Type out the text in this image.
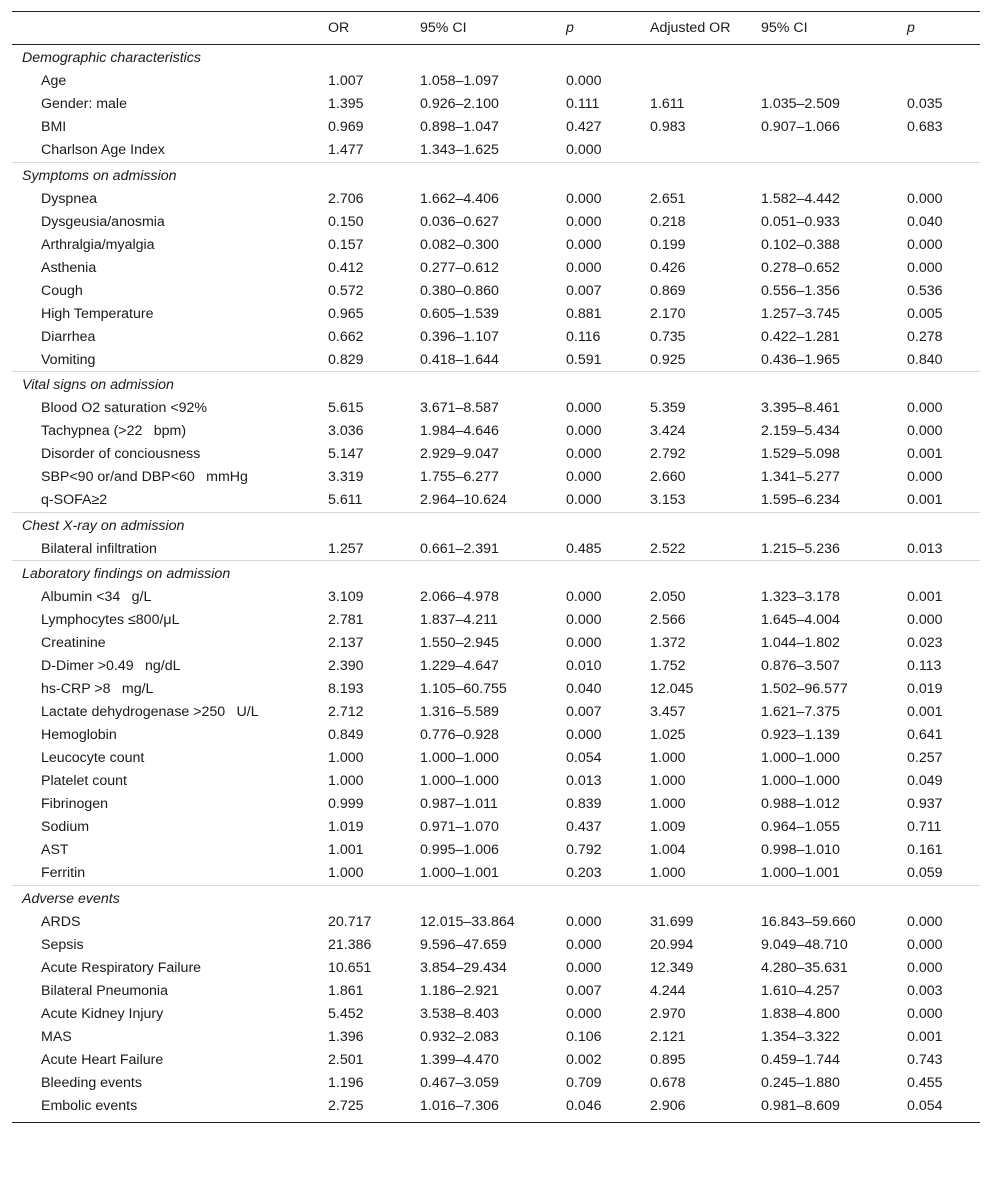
	OR	95% CI	p	Adjusted OR	95% CI	p
Demographic characteristics						
Age	1.007	1.058–1.097	0.000			
Gender: male	1.395	0.926–2.100	0.111	1.611	1.035–2.509	0.035
BMI	0.969	0.898–1.047	0.427	0.983	0.907–1.066	0.683
Charlson Age Index	1.477	1.343–1.625	0.000			
Symptoms on admission						
Dyspnea	2.706	1.662–4.406	0.000	2.651	1.582–4.442	0.000
Dysgeusia/anosmia	0.150	0.036–0.627	0.000	0.218	0.051–0.933	0.040
Arthralgia/myalgia	0.157	0.082–0.300	0.000	0.199	0.102–0.388	0.000
Asthenia	0.412	0.277–0.612	0.000	0.426	0.278–0.652	0.000
Cough	0.572	0.380–0.860	0.007	0.869	0.556–1.356	0.536
High Temperature	0.965	0.605–1.539	0.881	2.170	1.257–3.745	0.005
Diarrhea	0.662	0.396–1.107	0.116	0.735	0.422–1.281	0.278
Vomiting	0.829	0.418–1.644	0.591	0.925	0.436–1.965	0.840
Vital signs on admission						
Blood O2 saturation <92%	5.615	3.671–8.587	0.000	5.359	3.395–8.461	0.000
Tachypnea (>22    bpm)	3.036	1.984–4.646	0.000	3.424	2.159–5.434	0.000
Disorder of conciousness	5.147	2.929–9.047	0.000	2.792	1.529–5.098	0.001
SBP<90 or/and DBP<60    mmHg	3.319	1.755–6.277	0.000	2.660	1.341–5.277	0.000
q-SOFA≥2	5.611	2.964–10.624	0.000	3.153	1.595–6.234	0.001
Chest X-ray on admission						
Bilateral infiltration	1.257	0.661–2.391	0.485	2.522	1.215–5.236	0.013
Laboratory findings on admission						
Albumin <34    g/L	3.109	2.066–4.978	0.000	2.050	1.323–3.178	0.001
Lymphocytes ≤800/μL	2.781	1.837–4.211	0.000	2.566	1.645–4.004	0.000
Creatinine	2.137	1.550–2.945	0.000	1.372	1.044–1.802	0.023
D-Dimer >0.49    ng/dL	2.390	1.229–4.647	0.010	1.752	0.876–3.507	0.113
hs-CRP >8    mg/L	8.193	1.105–60.755	0.040	12.045	1.502–96.577	0.019
Lactate dehydrogenase >250    U/L	2.712	1.316–5.589	0.007	3.457	1.621–7.375	0.001
Hemoglobin	0.849	0.776–0.928	0.000	1.025	0.923–1.139	0.641
Leucocyte count	1.000	1.000–1.000	0.054	1.000	1.000–1.000	0.257
Platelet count	1.000	1.000–1.000	0.013	1.000	1.000–1.000	0.049
Fibrinogen	0.999	0.987–1.011	0.839	1.000	0.988–1.012	0.937
Sodium	1.019	0.971–1.070	0.437	1.009	0.964–1.055	0.711
AST	1.001	0.995–1.006	0.792	1.004	0.998–1.010	0.161
Ferritin	1.000	1.000–1.001	0.203	1.000	1.000–1.001	0.059
Adverse events						
ARDS	20.717	12.015–33.864	0.000	31.699	16.843–59.660	0.000
Sepsis	21.386	9.596–47.659	0.000	20.994	9.049–48.710	0.000
Acute Respiratory Failure	10.651	3.854–29.434	0.000	12.349	4.280–35.631	0.000
Bilateral Pneumonia	1.861	1.186–2.921	0.007	4.244	1.610–4.257	0.003
Acute Kidney Injury	5.452	3.538–8.403	0.000	2.970	1.838–4.800	0.000
MAS	1.396	0.932–2.083	0.106	2.121	1.354–3.322	0.001
Acute Heart Failure	2.501	1.399–4.470	0.002	0.895	0.459–1.744	0.743
Bleeding events	1.196	0.467–3.059	0.709	0.678	0.245–1.880	0.455
Embolic events	2.725	1.016–7.306	0.046	2.906	0.981–8.609	0.054
